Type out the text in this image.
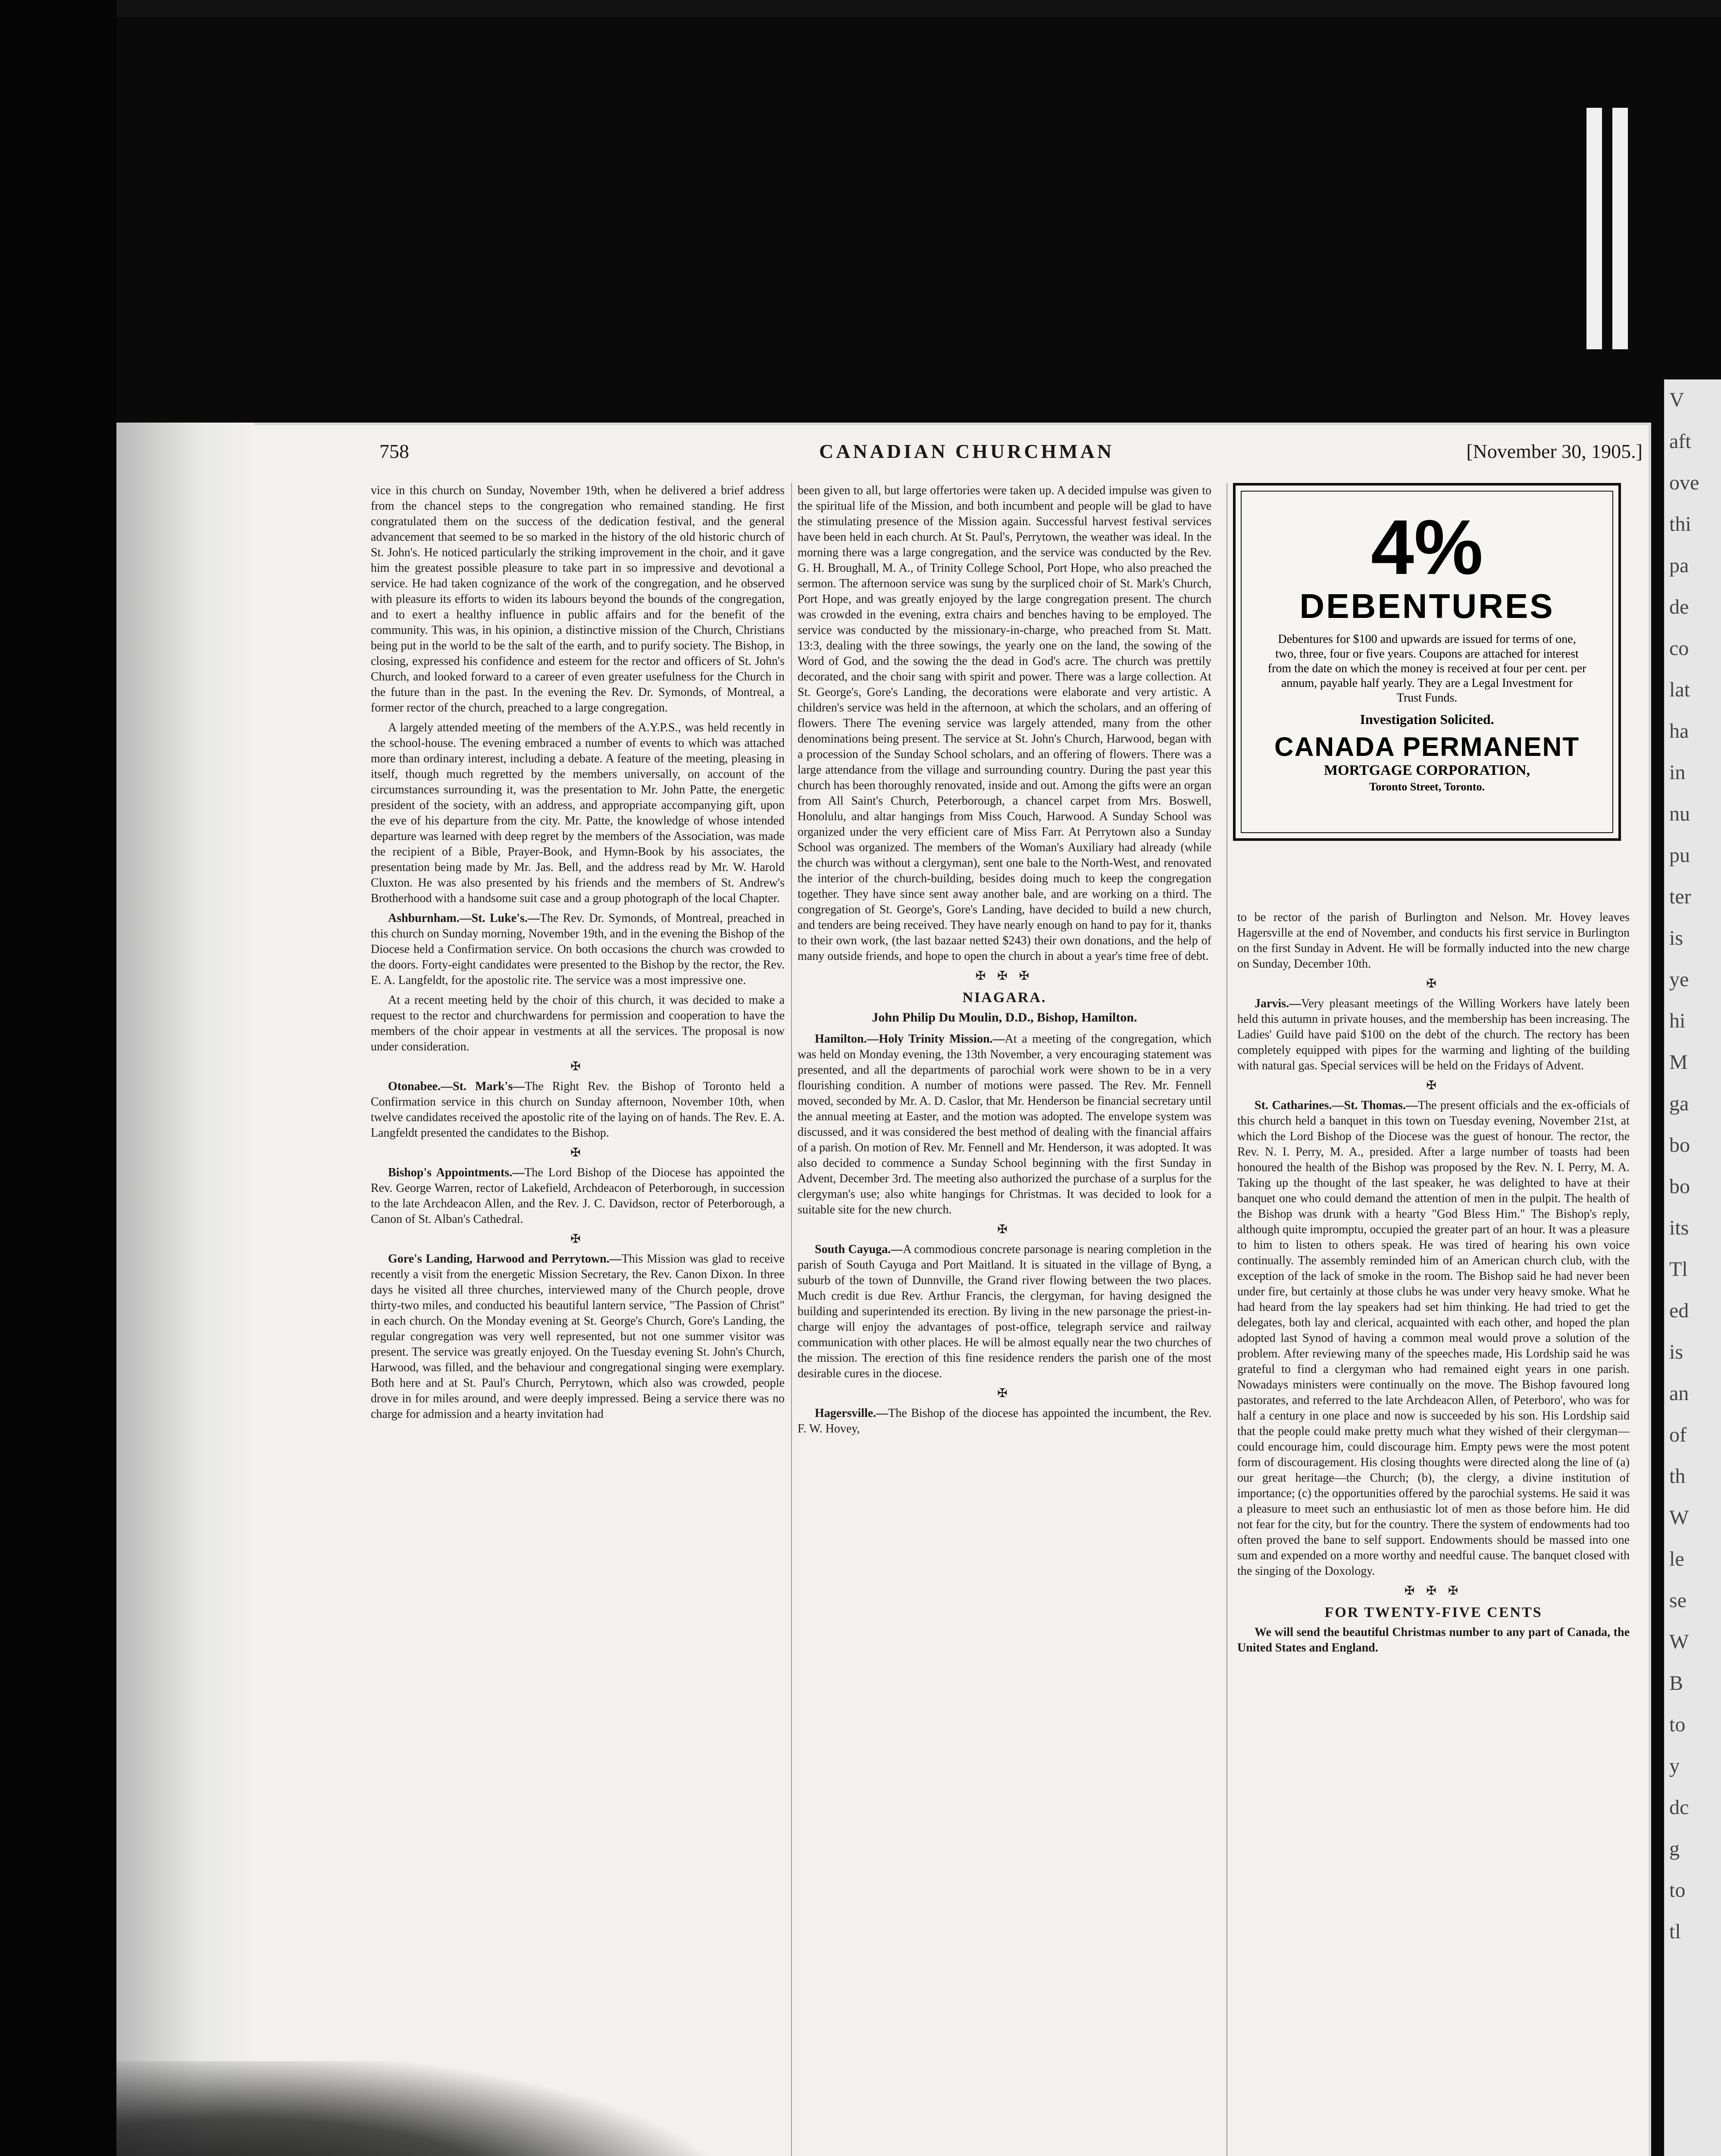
V
aft
ove
thi
pa
de
co
lat
ha
in
nu
pu
ter
is
ye
hi
M
ga
bo
bo
its
Tl
ed
is
an
of
th
W
le
se
W
B
to
y
dc
g
to
tl
758	CANADIAN CHURCHMAN	[November 30, 1905.]

vice in this church on Sunday, November 19th, when he delivered a brief address from the chancel steps to the congregation who remained standing. He first congratulated them on the success of the dedication festival, and the general advancement that seemed to be so marked in the history of the old historic church of St. John's. He noticed particularly the striking improvement in the choir, and it gave him the greatest possible pleasure to take part in so impressive and devotional a service. He had taken cognizance of the work of the congregation, and he observed with pleasure its efforts to widen its labours beyond the bounds of the congregation, and to exert a healthy influence in public affairs and for the benefit of the community. This was, in his opinion, a distinctive mission of the Church, Christians being put in the world to be the salt of the earth, and to purify society. The Bishop, in closing, expressed his confidence and esteem for the rector and officers of St. John's Church, and looked forward to a career of even greater usefulness for the Church in the future than in the past. In the evening the Rev. Dr. Symonds, of Montreal, a former rector of the church, preached to a large congregation.

A largely attended meeting of the members of the A.Y.P.S., was held recently in the school-house. The evening embraced a number of events to which was attached more than ordinary interest, including a debate. A feature of the meeting, pleasing in itself, though much regretted by the members universally, on account of the circumstances surrounding it, was the presentation to Mr. John Patte, the energetic president of the society, with an address, and appropriate accompanying gift, upon the eve of his departure from the city. Mr. Patte, the knowledge of whose intended departure was learned with deep regret by the members of the Association, was made the recipient of a Bible, Prayer-Book, and Hymn-Book by his associates, the presentation being made by Mr. Jas. Bell, and the address read by Mr. W. Harold Cluxton. He was also presented by his friends and the members of St. Andrew's Brotherhood with a handsome suit case and a group photograph of the local Chapter.

Ashburnham.—St. Luke's.—The Rev. Dr. Symonds, of Montreal, preached in this church on Sunday morning, November 19th, and in the evening the Bishop of the Diocese held a Confirmation service. On both occasions the church was crowded to the doors. Forty-eight candidates were presented to the Bishop by the rector, the Rev. E. A. Langfeldt, for the apostolic rite. The service was a most impressive one.

At a recent meeting held by the choir of this church, it was decided to make a request to the rector and churchwardens for permission and cooperation to have the members of the choir appear in vestments at all the services. The proposal is now under consideration.

✠

Otonabee.—St. Mark's—The Right Rev. the Bishop of Toronto held a Confirmation service in this church on Sunday afternoon, November 10th, when twelve candidates received the apostolic rite of the laying on of hands. The Rev. E. A. Langfeldt presented the candidates to the Bishop.

✠

Bishop's Appointments.—The Lord Bishop of the Diocese has appointed the Rev. George Warren, rector of Lakefield, Archdeacon of Peterborough, in succession to the late Archdeacon Allen, and the Rev. J. C. Davidson, rector of Peterborough, a Canon of St. Alban's Cathedral.

✠

Gore's Landing, Harwood and Perrytown.—This Mission was glad to receive recently a visit from the energetic Mission Secretary, the Rev. Canon Dixon. In three days he visited all three churches, interviewed many of the Church people, drove thirty-two miles, and conducted his beautiful lantern service, "The Passion of Christ" in each church. On the Monday evening at St. George's Church, Gore's Landing, the regular congregation was very well represented, but not one summer visitor was present. The service was greatly enjoyed. On the Tuesday evening St. John's Church, Harwood, was filled, and the behaviour and congregational singing were exemplary. Both here and at St. Paul's Church, Perrytown, which also was crowded, people drove in for miles around, and were deeply impressed. Being a service there was no charge for admission and a hearty invitation had

been given to all, but large offertories were taken up. A decided impulse was given to the spiritual life of the Mission, and both incumbent and people will be glad to have the stimulating presence of the Mission again. Successful harvest festival services have been held in each church. At St. Paul's, Perrytown, the weather was ideal. In the morning there was a large congregation, and the service was conducted by the Rev. G. H. Broughall, M. A., of Trinity College School, Port Hope, who also preached the sermon. The afternoon service was sung by the surpliced choir of St. Mark's Church, Port Hope, and was greatly enjoyed by the large congregation present. The church was crowded in the evening, extra chairs and benches having to be employed. The service was conducted by the missionary-in-charge, who preached from St. Matt. 13:3, dealing with the three sowings, the yearly one on the land, the sowing of the Word of God, and the sowing the the dead in God's acre. The church was prettily decorated, and the choir sang with spirit and power. There was a large collection. At St. George's, Gore's Landing, the decorations were elaborate and very artistic. A children's service was held in the afternoon, at which the scholars, and an offering of flowers. There The evening service was largely attended, many from the other denominations being present. The service at St. John's Church, Harwood, began with a procession of the Sunday School scholars, and an offering of flowers. There was a large attendance from the village and surrounding country. During the past year this church has been thoroughly renovated, inside and out. Among the gifts were an organ from All Saint's Church, Peterborough, a chancel carpet from Mrs. Boswell, Honolulu, and altar hangings from Miss Couch, Harwood. A Sunday School was organized under the very efficient care of Miss Farr. At Perrytown also a Sunday School was organized. The members of the Woman's Auxiliary had already (while the church was without a clergyman), sent one bale to the North-West, and renovated the interior of the church-building, besides doing much to keep the congregation together. They have since sent away another bale, and are working on a third. The congregation of St. George's, Gore's Landing, have decided to build a new church, and tenders are being received. They have nearly enough on hand to pay for it, thanks to their own work, (the last bazaar netted $243) their own donations, and the help of many outside friends, and hope to open the church in about a year's time free of debt.

✠ ✠ ✠
NIAGARA.
John Philip Du Moulin, D.D., Bishop, Hamilton.

Hamilton.—Holy Trinity Mission.—At a meeting of the congregation, which was held on Monday evening, the 13th November, a very encouraging statement was presented, and all the departments of parochial work were shown to be in a very flourishing condition. A number of motions were passed. The Rev. Mr. Fennell moved, seconded by Mr. A. D. Caslor, that Mr. Henderson be financial secretary until the annual meeting at Easter, and the motion was adopted. The envelope system was discussed, and it was considered the best method of dealing with the financial affairs of a parish. On motion of Rev. Mr. Fennell and Mr. Henderson, it was adopted. It was also decided to commence a Sunday School beginning with the first Sunday in Advent, December 3rd. The meeting also authorized the purchase of a surplus for the clergyman's use; also white hangings for Christmas. It was decided to look for a suitable site for the new church.

✠

South Cayuga.—A commodious concrete parsonage is nearing completion in the parish of South Cayuga and Port Maitland. It is situated in the village of Byng, a suburb of the town of Dunnville, the Grand river flowing between the two places. Much credit is due Rev. Arthur Francis, the clergyman, for having designed the building and superintended its erection. By living in the new parsonage the priest-in-charge will enjoy the advantages of post-office, telegraph service and railway communication with other places. He will be almost equally near the two churches of the mission. The erection of this fine residence renders the parish one of the most desirable cures in the diocese.

✠

Hagersville.—The Bishop of the diocese has appointed the incumbent, the Rev. F. W. Hovey,

4%
DEBENTURES
Debentures for $100 and upwards are issued for terms of one, two, three, four or five years. Coupons are attached for interest from the date on which the money is received at four per cent. per annum, payable half yearly. They are a Legal Investment for Trust Funds.
Investigation Solicited.
CANADA PERMANENT
MORTGAGE CORPORATION,
Toronto Street, Toronto.

to be rector of the parish of Burlington and Nelson. Mr. Hovey leaves Hagersville at the end of November, and conducts his first service in Burlington on the first Sunday in Advent. He will be formally inducted into the new charge on Sunday, December 10th.

✠

Jarvis.—Very pleasant meetings of the Willing Workers have lately been held this autumn in private houses, and the membership has been increasing. The Ladies' Guild have paid $100 on the debt of the church. The rectory has been completely equipped with pipes for the warming and lighting of the building with natural gas. Special services will be held on the Fridays of Advent.

✠

St. Catharines.—St. Thomas.—The present officials and the ex-officials of this church held a banquet in this town on Tuesday evening, November 21st, at which the Lord Bishop of the Diocese was the guest of honour. The rector, the Rev. N. I. Perry, M. A., presided. After a large number of toasts had been honoured the health of the Bishop was proposed by the Rev. N. I. Perry, M. A. Taking up the thought of the last speaker, he was delighted to have at their banquet one who could demand the attention of men in the pulpit. The health of the Bishop was drunk with a hearty "God Bless Him." The Bishop's reply, although quite impromptu, occupied the greater part of an hour. It was a pleasure to him to listen to others speak. He was tired of hearing his own voice continually. The assembly reminded him of an American church club, with the exception of the lack of smoke in the room. The Bishop said he had never been under fire, but certainly at those clubs he was under very heavy smoke. What he had heard from the lay speakers had set him thinking. He had tried to get the delegates, both lay and clerical, acquainted with each other, and hoped the plan adopted last Synod of having a common meal would prove a solution of the problem. After reviewing many of the speeches made, His Lordship said he was grateful to find a clergyman who had remained eight years in one parish. Nowadays ministers were continually on the move. The Bishop favoured long pastorates, and referred to the late Archdeacon Allen, of Peterboro', who was for half a century in one place and now is succeeded by his son. His Lordship said that the people could make pretty much what they wished of their clergyman—could encourage him, could discourage him. Empty pews were the most potent form of discouragement. His closing thoughts were directed along the line of (a) our great heritage—the Church; (b), the clergy, a divine institution of importance; (c) the opportunities offered by the parochial systems. He said it was a pleasure to meet such an enthusiastic lot of men as those before him. He did not fear for the city, but for the country. There the system of endowments had too often proved the bane to self support. Endowments should be massed into one sum and expended on a more worthy and needful cause. The banquet closed with the singing of the Doxology.

✠ ✠ ✠
FOR TWENTY-FIVE CENTS

We will send the beautiful Christmas number to any part of Canada, the United States and England.
